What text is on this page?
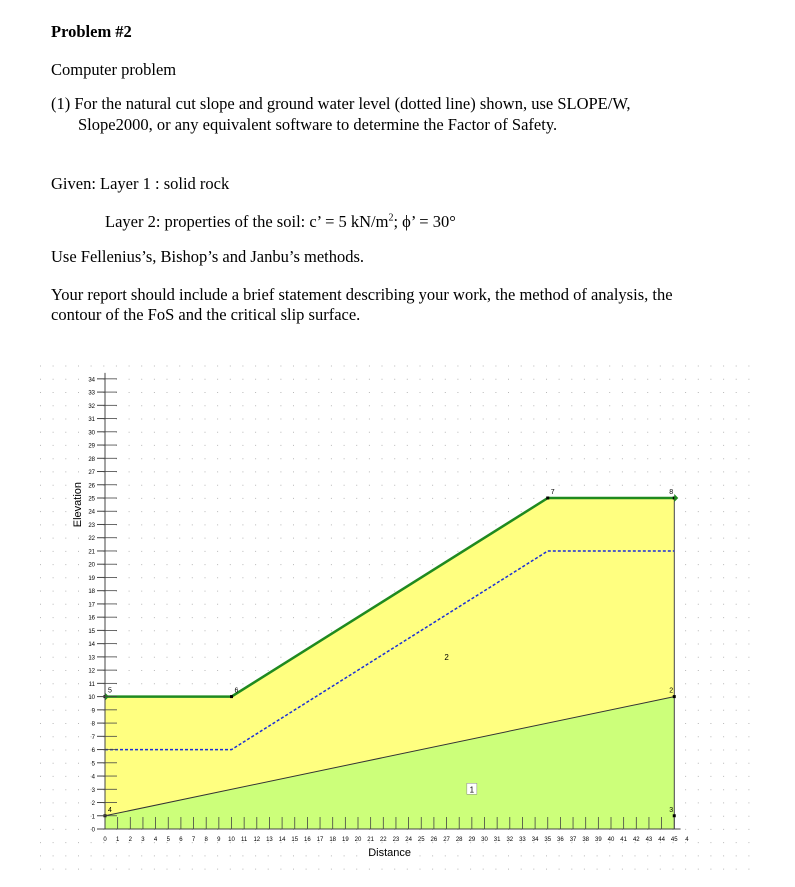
Problem #2
Computer problem
(1) For the natural cut slope and ground water level (dotted line) shown, use SLOPE/W,
Slope2000, or any equivalent software to determine the Factor of Safety.
Given: Layer 1 : solid rock
Layer 2: properties of the soil: c’ = 5 $kN/m^2$; ϕ’ = 30°
Use Fellenius’s, Bishop’s and Janbu’s methods.
Your report should include a brief statement describing your work, the method of analysis, the
contour of the FoS and the critical slip surface.
2
3
4
5	6
7	8
1
2
0
1
2
3
4
5
6
7
8
9
10
11
12
13
14
15
16
17
18
19
20
21
22
23
24
25
26
27
28
29
30
31
32
33
34
0 1 2 3 4 5 6 7 8 9 10 11 12 13 14 15 16 17 18 19 20 21 22 23 24 25 26 27 28 29 30 31 32 33 34 35 36 37 38 39 40 41 42 43 44 45 4
Distance
Elevation
